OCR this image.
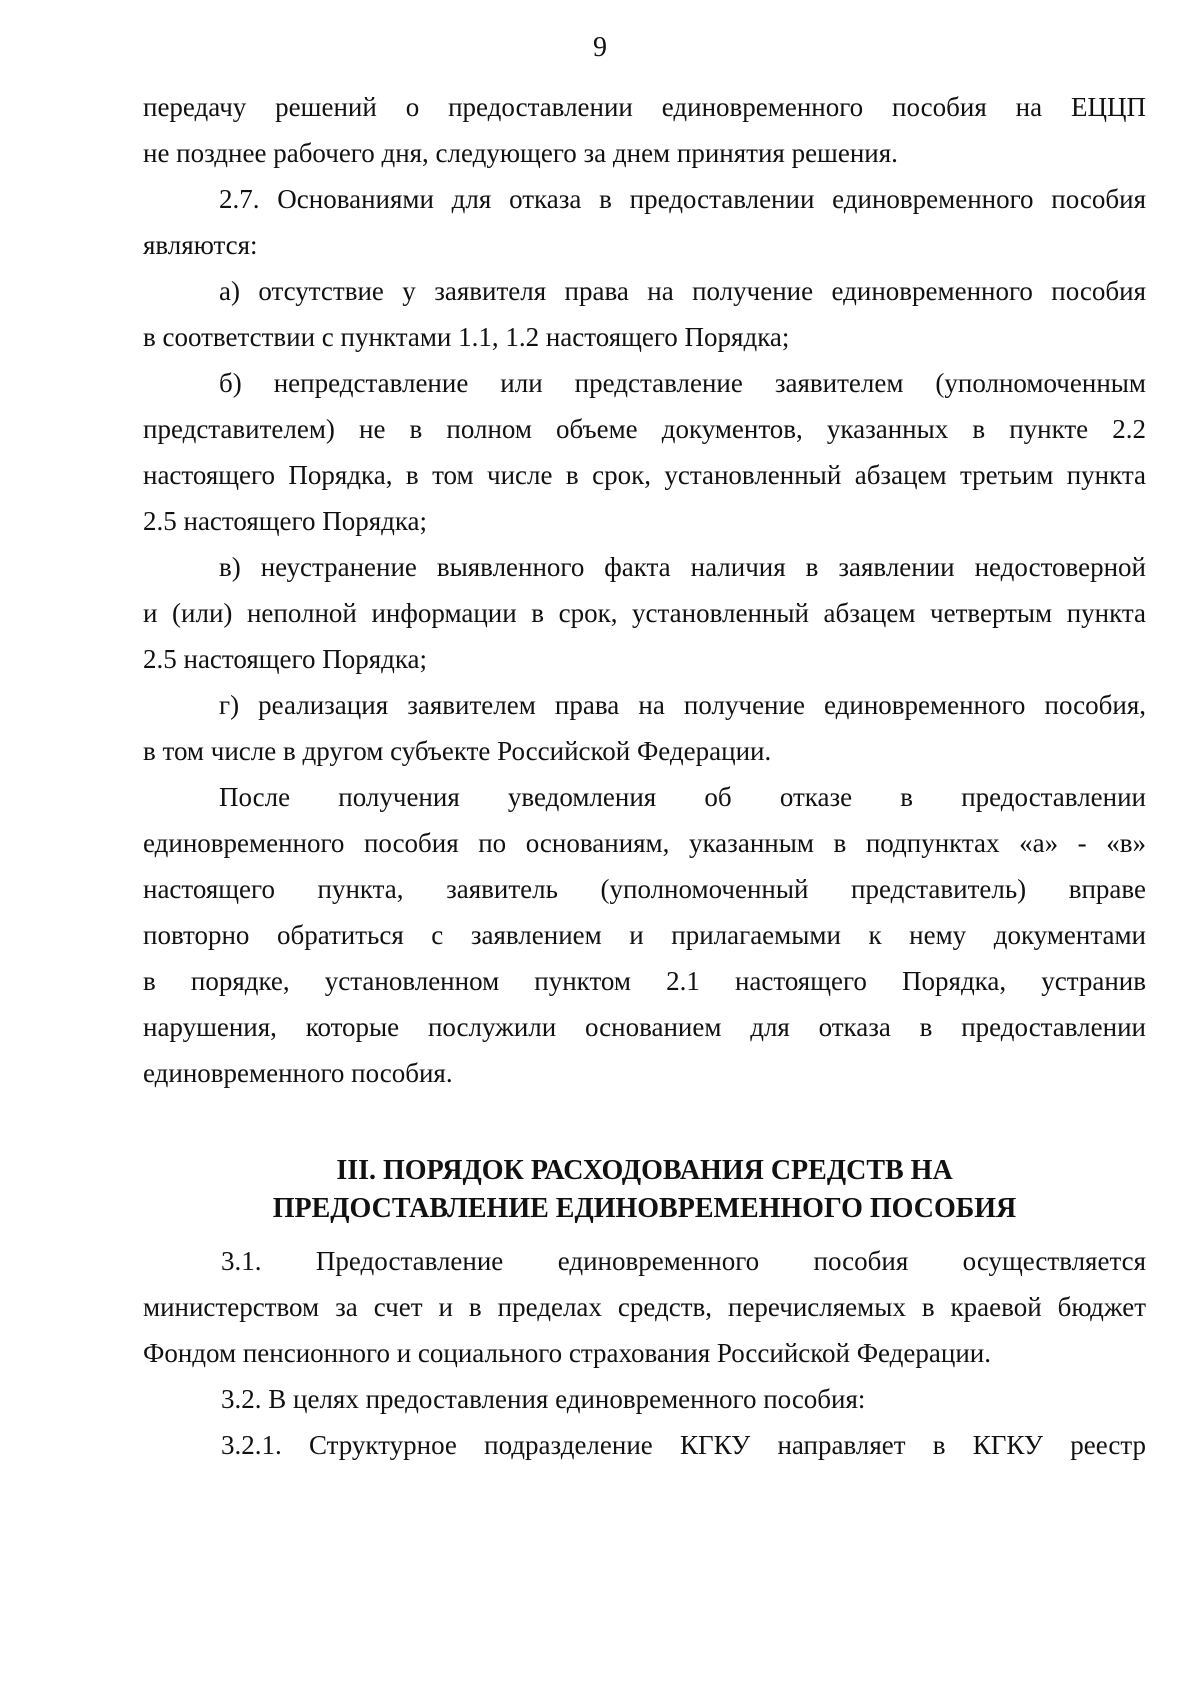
9
передачу решений о предоставлении единовременного пособия на ЕЦЦП
не позднее рабочего дня, следующего за днем принятия решения.
2.7. Основаниями для отказа в предоставлении единовременного пособия
являются:
а) отсутствие у заявителя права на получение единовременного пособия
в соответствии с пунктами 1.1, 1.2 настоящего Порядка;
б) непредставление или представление заявителем (уполномоченным
представителем) не в полном объеме документов, указанных в пункте 2.2
настоящего Порядка, в том числе в срок, установленный абзацем третьим пункта
2.5 настоящего Порядка;
в) неустранение выявленного факта наличия в заявлении недостоверной
и (или) неполной информации в срок, установленный абзацем четвертым пункта
2.5 настоящего Порядка;
г) реализация заявителем права на получение единовременного пособия,
в том числе в другом субъекте Российской Федерации.
После получения уведомления об отказе в предоставлении
единовременного пособия по основаниям, указанным в подпунктах «а» - «в»
настоящего пункта, заявитель (уполномоченный представитель) вправе
повторно обратиться с заявлением и прилагаемыми к нему документами
в порядке, установленном пунктом 2.1 настоящего Порядка, устранив
нарушения, которые послужили основанием для отказа в предоставлении
единовременного пособия.
III. ПОРЯДОК РАСХОДОВАНИЯ СРЕДСТВ НА
ПРЕДОСТАВЛЕНИЕ ЕДИНОВРЕМЕННОГО ПОСОБИЯ
3.1. Предоставление единовременного пособия осуществляется
министерством за счет и в пределах средств, перечисляемых в краевой бюджет
Фондом пенсионного и социального страхования Российской Федерации.
3.2. В целях предоставления единовременного пособия:
3.2.1. Структурное подразделение КГКУ направляет в КГКУ реестр
